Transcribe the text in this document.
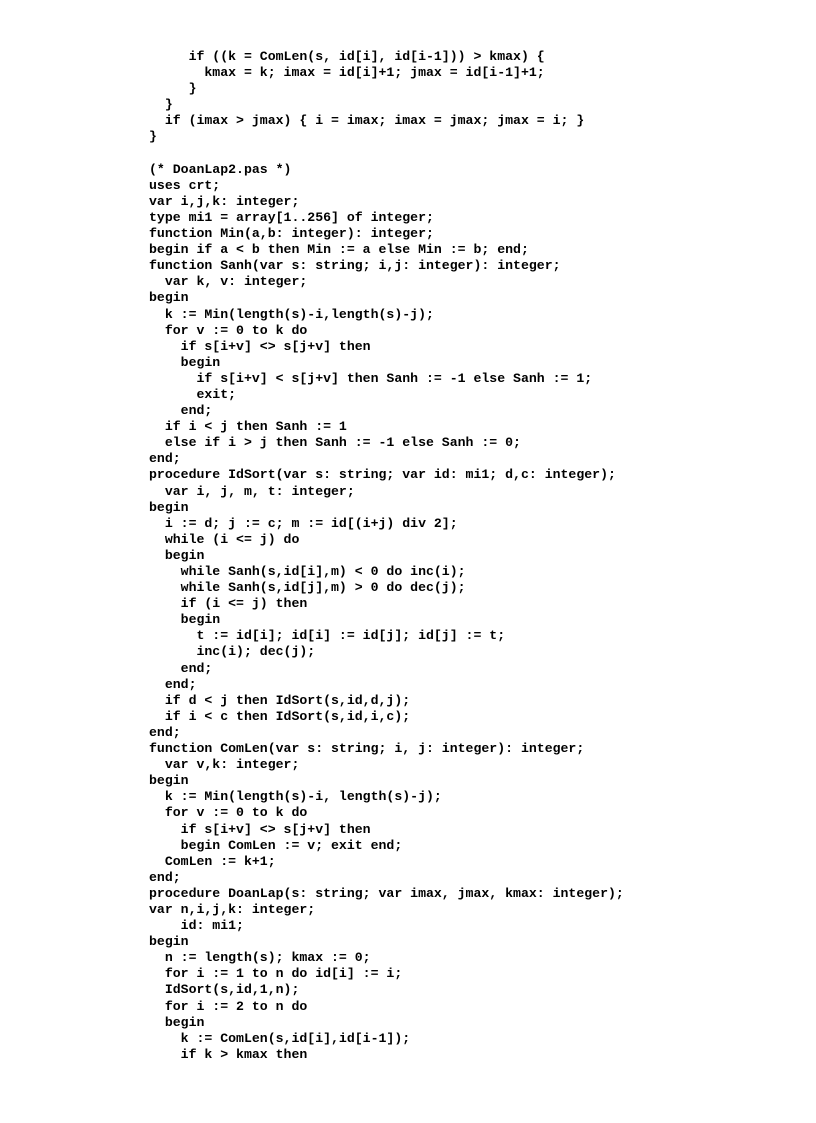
if ((k = ComLen(s, id[i], id[i-1])) > kmax) {
kmax = k; imax = id[i]+1; jmax = id[i-1]+1;
}
}
if (imax > jmax) { i = imax; imax = jmax; jmax = i; }
}
(* DoanLap2.pas *)
uses crt;
var i,j,k: integer;
type mi1 = array[1..256] of integer;
function Min(a,b: integer): integer;
begin if a < b then Min := a else Min := b; end;
function Sanh(var s: string; i,j: integer): integer;
var k, v: integer;
begin
k := Min(length(s)-i,length(s)-j);
for v := 0 to k do
if s[i+v] <> s[j+v] then
begin
if s[i+v] < s[j+v] then Sanh := -1 else Sanh := 1;
exit;
end;
if i < j then Sanh := 1
else if i > j then Sanh := -1 else Sanh := 0;
end;
procedure IdSort(var s: string; var id: mi1; d,c: integer);
var i, j, m, t: integer;
begin
i := d; j := c; m := id[(i+j) div 2];
while (i <= j) do
begin
while Sanh(s,id[i],m) < 0 do inc(i);
while Sanh(s,id[j],m) > 0 do dec(j);
if (i <= j) then
begin
t := id[i]; id[i] := id[j]; id[j] := t;
inc(i); dec(j);
end;
end;
if d < j then IdSort(s,id,d,j);
if i < c then IdSort(s,id,i,c);
end;
function ComLen(var s: string; i, j: integer): integer;
var v,k: integer;
begin
k := Min(length(s)-i, length(s)-j);
for v := 0 to k do
if s[i+v] <> s[j+v] then
begin ComLen := v; exit end;
ComLen := k+1;
end;
procedure DoanLap(s: string; var imax, jmax, kmax: integer);
var n,i,j,k: integer;
id: mi1;
begin
n := length(s); kmax := 0;
for i := 1 to n do id[i] := i;
IdSort(s,id,1,n);
for i := 2 to n do
begin
k := ComLen(s,id[i],id[i-1]);
if k > kmax then
